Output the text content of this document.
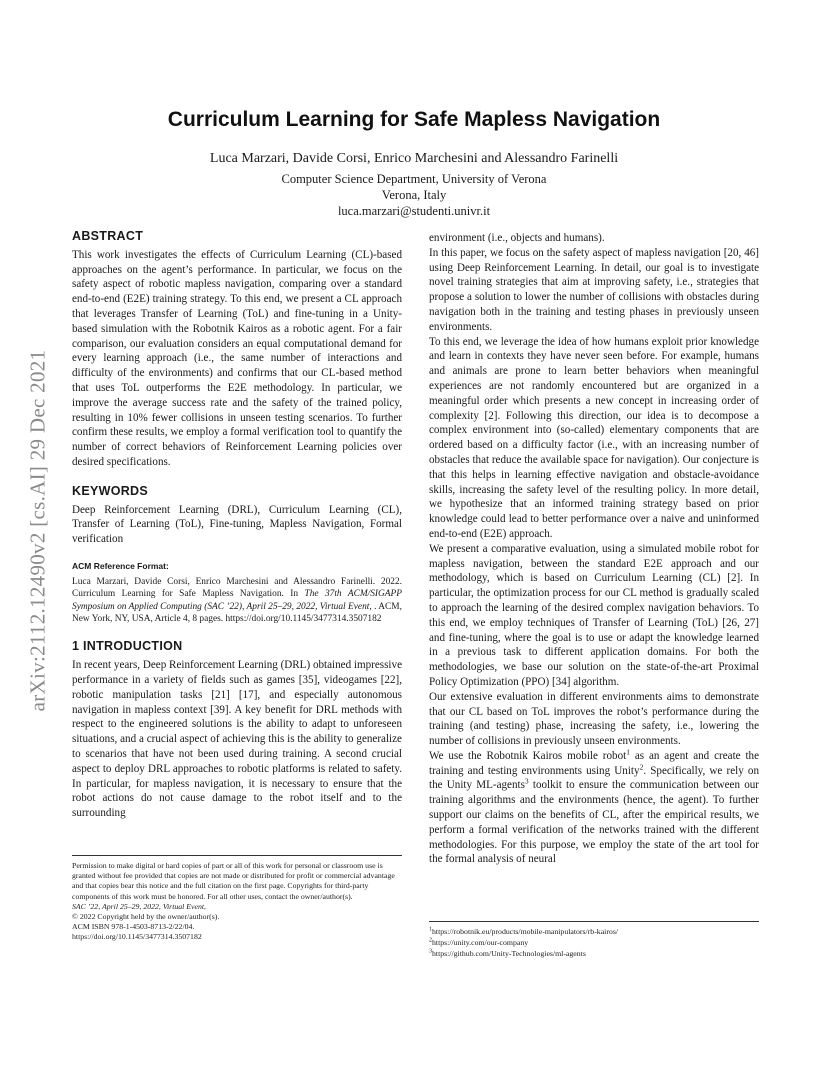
arXiv:2112.12490v2 [cs.AI] 29 Dec 2021
Curriculum Learning for Safe Mapless Navigation
Luca Marzari, Davide Corsi, Enrico Marchesini and Alessandro Farinelli
Computer Science Department, University of Verona
Verona, Italy
luca.marzari@studenti.univr.it
ABSTRACT

This work investigates the effects of Curriculum Learning (CL)-based approaches on the agent’s performance. In particular, we focus on the safety aspect of robotic mapless navigation, comparing over a standard end-to-end (E2E) training strategy. To this end, we present a CL approach that leverages Transfer of Learning (ToL) and fine-tuning in a Unity-based simulation with the Robotnik Kairos as a robotic agent. For a fair comparison, our evaluation considers an equal computational demand for every learning approach (i.e., the same number of interactions and difficulty of the environments) and confirms that our CL-based method that uses ToL outperforms the E2E methodology. In particular, we improve the average success rate and the safety of the trained policy, resulting in 10% fewer collisions in unseen testing scenarios. To further confirm these results, we employ a formal verification tool to quantify the number of correct behaviors of Reinforcement Learning policies over desired specifications.

KEYWORDS

Deep Reinforcement Learning (DRL), Curriculum Learning (CL), Transfer of Learning (ToL), Fine-tuning, Mapless Navigation, Formal verification

ACM Reference Format:

Luca Marzari, Davide Corsi, Enrico Marchesini and Alessandro Farinelli. 2022. Curriculum Learning for Safe Mapless Navigation. In The 37th ACM/SIGAPP Symposium on Applied Computing (SAC ’22), April 25–29, 2022, Virtual Event, . ACM, New York, NY, USA, Article 4, 8 pages. https://doi.org/10.1145/3477314.3507182

1 INTRODUCTION

In recent years, Deep Reinforcement Learning (DRL) obtained impressive performance in a variety of fields such as games [35], videogames [22], robotic manipulation tasks [21] [17], and especially autonomous navigation in mapless context [39]. A key benefit for DRL methods with respect to the engineered solutions is the ability to adapt to unforeseen situations, and a crucial aspect of achieving this is the ability to generalize to scenarios that have not been used during training. A second crucial aspect to deploy DRL approaches to robotic platforms is related to safety. In particular, for mapless navigation, it is necessary to ensure that the robot actions do not cause damage to the robot itself and to the surrounding

Permission to make digital or hard copies of part or all of this work for personal or classroom use is granted without fee provided that copies are not made or distributed for profit or commercial advantage and that copies bear this notice and the full citation on the first page. Copyrights for third-party components of this work must be honored. For all other uses, contact the owner/author(s).

SAC ’22, April 25–29, 2022, Virtual Event,

© 2022 Copyright held by the owner/author(s).

ACM ISBN 978-1-4503-8713-2/22/04.

https://doi.org/10.1145/3477314.3507182

environment (i.e., objects and humans).

In this paper, we focus on the safety aspect of mapless navigation [20, 46] using Deep Reinforcement Learning. In detail, our goal is to investigate novel training strategies that aim at improving safety, i.e., strategies that propose a solution to lower the number of collisions with obstacles during navigation both in the training and testing phases in previously unseen environments.

To this end, we leverage the idea of how humans exploit prior knowledge and learn in contexts they have never seen before. For example, humans and animals are prone to learn better behaviors when meaningful experiences are not randomly encountered but are organized in a meaningful order which presents a new concept in increasing order of complexity [2]. Following this direction, our idea is to decompose a complex environment into (so-called) elementary components that are ordered based on a difficulty factor (i.e., with an increasing number of obstacles that reduce the available space for navigation). Our conjecture is that this helps in learning effective navigation and obstacle-avoidance skills, increasing the safety level of the resulting policy. In more detail, we hypothesize that an informed training strategy based on prior knowledge could lead to better performance over a naive and uninformed end-to-end (E2E) approach.

We present a comparative evaluation, using a simulated mobile robot for mapless navigation, between the standard E2E approach and our methodology, which is based on Curriculum Learning (CL) [2]. In particular, the optimization process for our CL method is gradually scaled to approach the learning of the desired complex navigation behaviors. To this end, we employ techniques of Transfer of Learning (ToL) [26, 27] and fine-tuning, where the goal is to use or adapt the knowledge learned in a previous task to different application domains. For both the methodologies, we base our solution on the state-of-the-art Proximal Policy Optimization (PPO) [34] algorithm.

Our extensive evaluation in different environments aims to demonstrate that our CL based on ToL improves the robot’s performance during the training (and testing) phase, increasing the safety, i.e., lowering the number of collisions in previously unseen environments.

We use the Robotnik Kairos mobile robot$^1$ as an agent and create the training and testing environments using Unity$^2$. Specifically, we rely on the Unity ML-agents$^3$ toolkit to ensure the communication between our training algorithms and the environments (hence, the agent). To further support our claims on the benefits of CL, after the empirical results, we perform a formal verification of the networks trained with the different methodologies. For this purpose, we employ the state of the art tool for the formal analysis of neural

$^1$https://robotnik.eu/products/mobile-manipulators/rb-kairos/
$^2$https://unity.com/our-company
$^3$https://github.com/Unity-Technologies/ml-agents
